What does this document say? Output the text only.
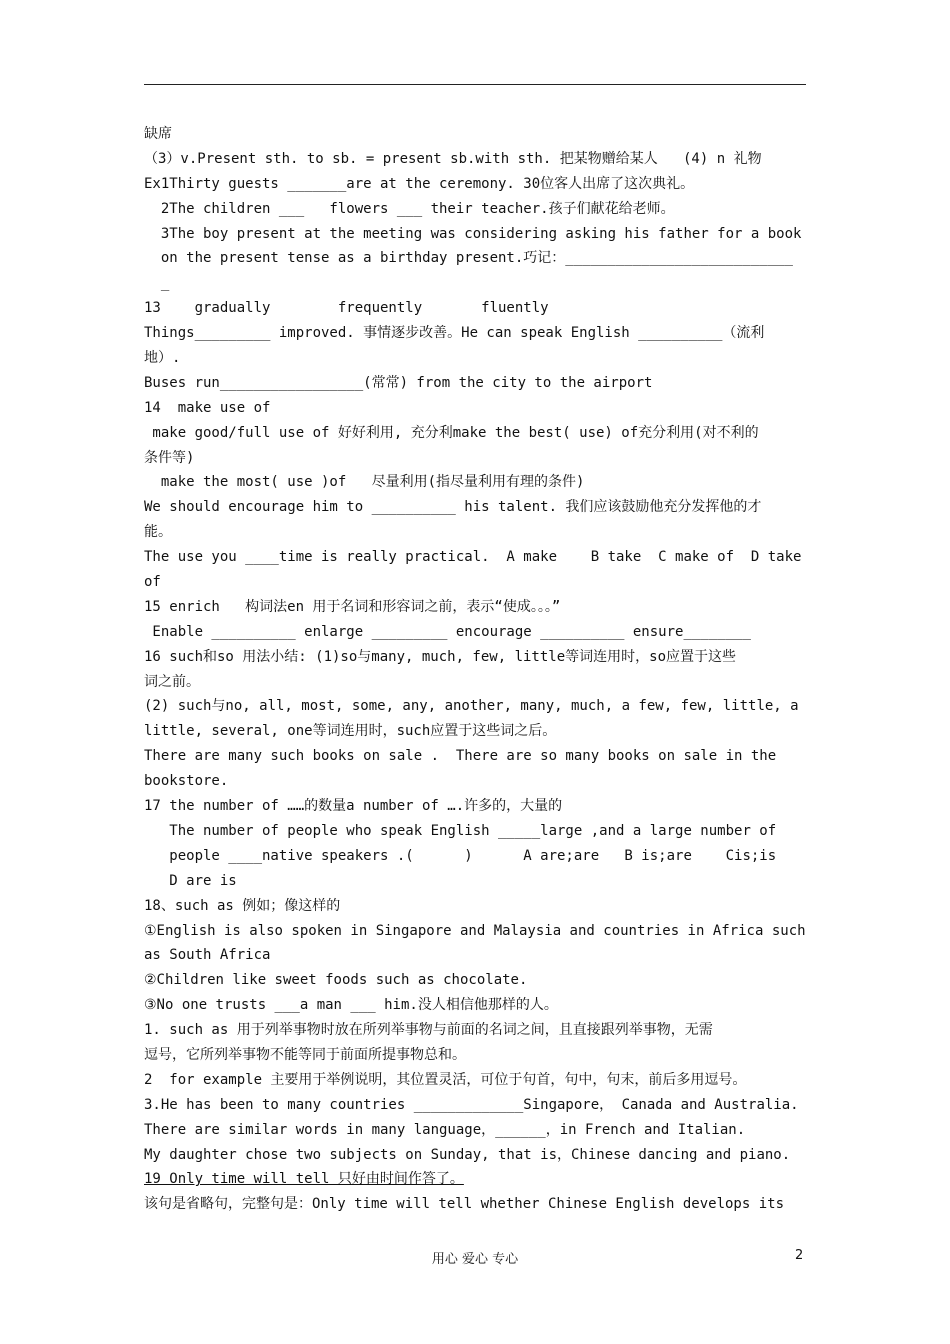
缺席
（3）v.Present sth. to sb. = present sb.with sth. 把某物赠给某人   (4) n 礼物
Ex1Thirty guests _______are at the ceremony. 30位客人出席了这次典礼。
2The children ___   flowers ___ their teacher.孩子们献花给老师。
3The boy present at the meeting was considering asking his father for a book
on the present tense as a birthday present.巧记：___________________________
_
13    gradually        frequently       fluently
Things_________ improved. 事情逐步改善。He can speak English __________（流利
地）.
Buses run_________________(常常) from the city to the airport
14  make use of
make good/full use of 好好利用, 充分利make the best( use) of充分利用(对不利的
条件等)
make the most( use )of   尽量利用(指尽量利用有理的条件)
We should encourage him to __________ his talent. 我们应该鼓励他充分发挥他的才
能。
The use you ____time is really practical.  A make    B take  C make of  D take
of
15 enrich   构词法en 用于名词和形容词之前，表示“使成。。。”
Enable __________ enlarge _________ encourage __________ ensure________
16 such和so 用法小结: (1)so与many, much, few, little等词连用时，so应置于这些
词之前。
(2) such与no, all, most, some, any, another, many, much, a few, few, little, a
little, several, one等词连用时，such应置于这些词之后。
There are many such books on sale .  There are so many books on sale in the
bookstore.
17 the number of ……的数量a number of ….许多的，大量的
The number of people who speak English _____large ,and a large number of
people ____native speakers .(      )      A are;are   B is;are    Cis;is
D are is
18、such as 例如；像这样的
①English is also spoken in Singapore and Malaysia and countries in Africa such
as South Africa
②Children like sweet foods such as chocolate.
③No one trusts ___a man ___ him.没人相信他那样的人。
1. such as 用于列举事物时放在所列举事物与前面的名词之间，且直接跟列举事物，无需
逗号，它所列举事物不能等同于前面所提事物总和。
2  for example 主要用于举例说明，其位置灵活，可位于句首，句中，句末，前后多用逗号。
3.He has been to many countries _____________Singapore， Canada and Australia.
There are similar words in many language，______，in French and Italian.
My daughter chose two subjects on Sunday, that is，Chinese dancing and piano.
19 Only time will tell 只好由时间作答了。
该句是省略句，完整句是：Only time will tell whether Chinese English develops its
用心 爱心 专心	2
